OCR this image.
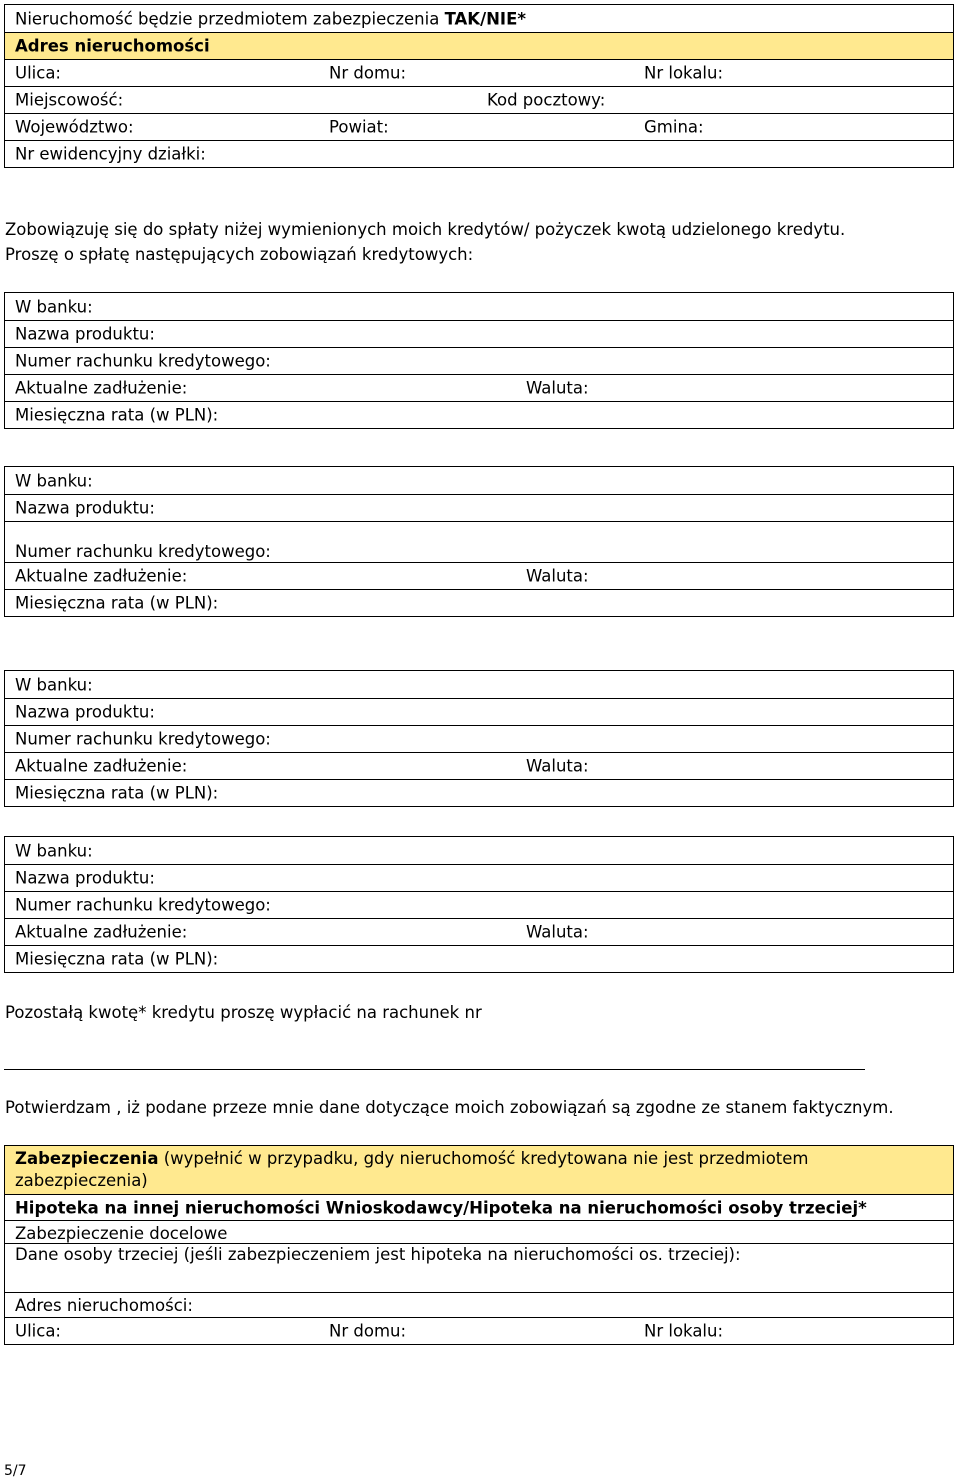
Nieruchomość będzie przedmiotem zabezpieczenia TAK/NIE*
Adres nieruchomości
Ulica:	Nr domu:	Nr lokalu:
Miejscowość:	Kod pocztowy:
Województwo:	Powiat:	Gmina:
Nr ewidencyjny działki:
Zobowiązuję się do spłaty niżej wymienionych moich kredytów/ pożyczek kwotą udzielonego kredytu.
Proszę o spłatę następujących zobowiązań kredytowych:
W banku:
Nazwa produktu:
Numer rachunku kredytowego:
Aktualne zadłużenie:	Waluta:
Miesięczna rata (w PLN):
W banku:
Nazwa produktu:
Numer rachunku kredytowego:
Aktualne zadłużenie:	Waluta:
Miesięczna rata (w PLN):
W banku:
Nazwa produktu:
Numer rachunku kredytowego:
Aktualne zadłużenie:	Waluta:
Miesięczna rata (w PLN):
W banku:
Nazwa produktu:
Numer rachunku kredytowego:
Aktualne zadłużenie:	Waluta:
Miesięczna rata (w PLN):
Pozostałą kwotę* kredytu proszę wypłacić na rachunek nr
Potwierdzam , iż podane przeze mnie dane dotyczące moich zobowiązań są zgodne ze stanem faktycznym.
Zabezpieczenia (wypełnić w przypadku, gdy nieruchomość kredytowana nie jest przedmiotem
zabezpieczenia)
Hipoteka na innej nieruchomości Wnioskodawcy/Hipoteka na nieruchomości osoby trzeciej*
Zabezpieczenie docelowe
Dane osoby trzeciej (jeśli zabezpieczeniem jest hipoteka na nieruchomości os. trzeciej):
Adres nieruchomości:
Ulica:	Nr domu:	Nr lokalu:
5/7
